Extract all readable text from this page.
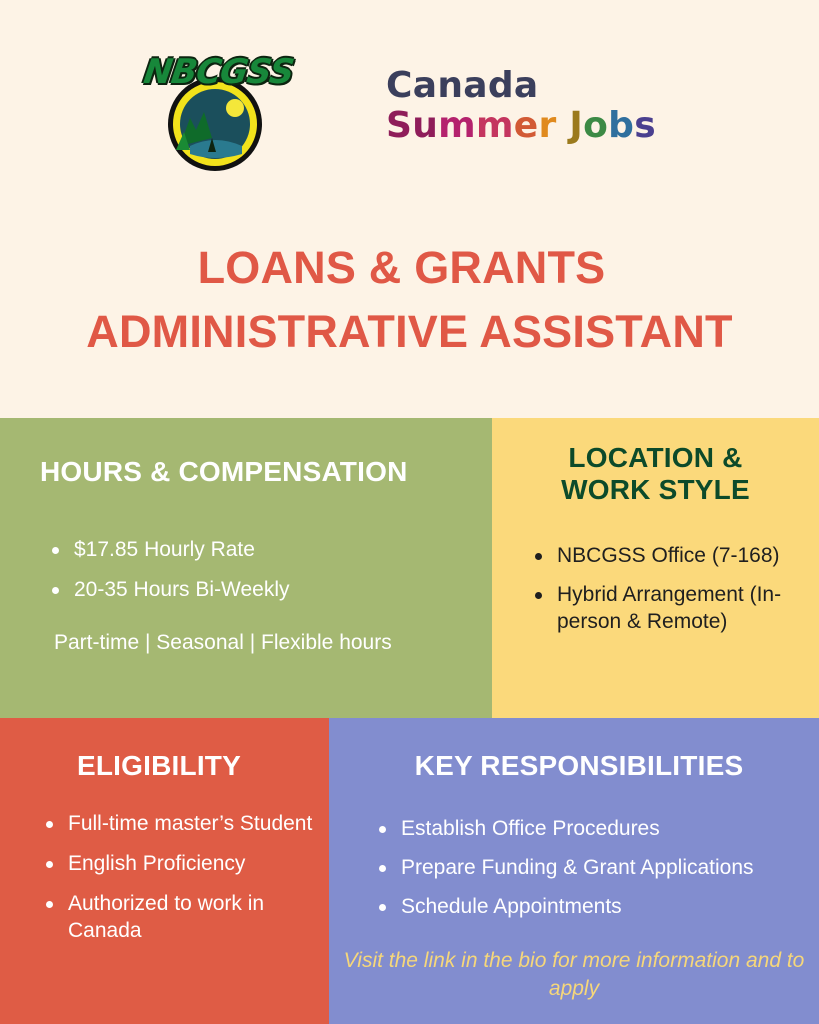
NBCGSS	Canada
Summer Jobs
LOANS & GRANTS
ADMINISTRATIVE ASSISTANT
HOURS & COMPENSATION
$17.85 Hourly Rate
20-35 Hours Bi-Weekly
Part-time | Seasonal | Flexible hours
LOCATION &
WORK STYLE
NBCGSS Office (7-168)
Hybrid Arrangement (In-person & Remote)
ELIGIBILITY
Full-time master’s Student
English Proficiency
Authorized to work in Canada
KEY RESPONSIBILITIES
Establish Office Procedures
Prepare Funding & Grant Applications
Schedule Appointments
Visit the link in the bio for more information and to apply
